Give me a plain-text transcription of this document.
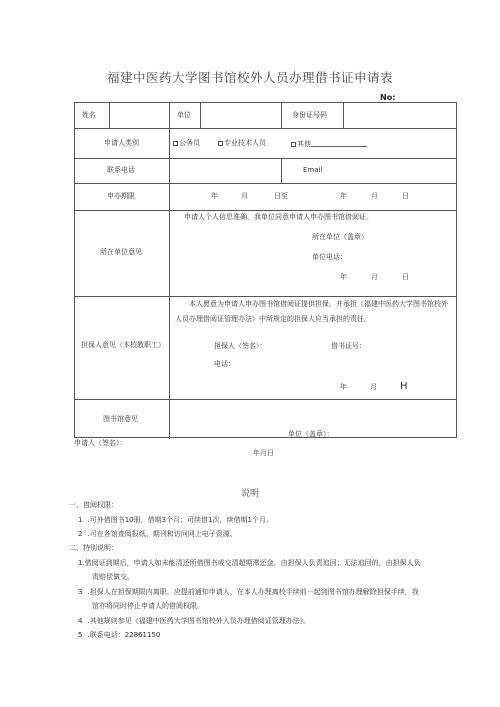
福建中医药大学图书馆校外人员办理借书证申请表
No:
姓名	单位	身份证号码
申请人类别	公务员	专业技术人员	其他
联系电话	Email
申办期限	年	月	日至	年	月	日
所在单位意见
申请人个人信息准确，我单位同意申请人申办图书馆借阅证。
所在单位（盖章）
单位电话：
年	月	日
担保人意见（本校教职工）
本人愿意为申请人申办图书馆借阅证提供担保，并承担《福建中医药大学图书馆校外人员办理借阅证管理办法》中所规定的担保人应当承担的责任。
担保人（签名）：	借书证号：
电话：
年	月 H
图书馆意见
单位（盖章）：
申请人（签名）：
年月日
说明
一、借阅权限：
1 .可外借图书10册，借期3个月；可续借1次，续借期1个月。
2 .可在各馆查阅报纸、期刊和访问网上电子资源。
二、特别说明：
1.借阅证到期后，申请人如未能清还所借图书或交清超期滞还金，由担保人负责追回；无法追回的，由担保人负
责赔偿做交。
3 .担保人在担保期限内离职，应提前通知申请人，在本人办理离校手续前一起到图书馆办理解除担保手续，我
馆亦将同时停止申请人的借阅权限。
4 .其他规则参见《福建中医药大学图书馆校外人员办理借阅证管理办法》。
5 .联系电话：22861150
